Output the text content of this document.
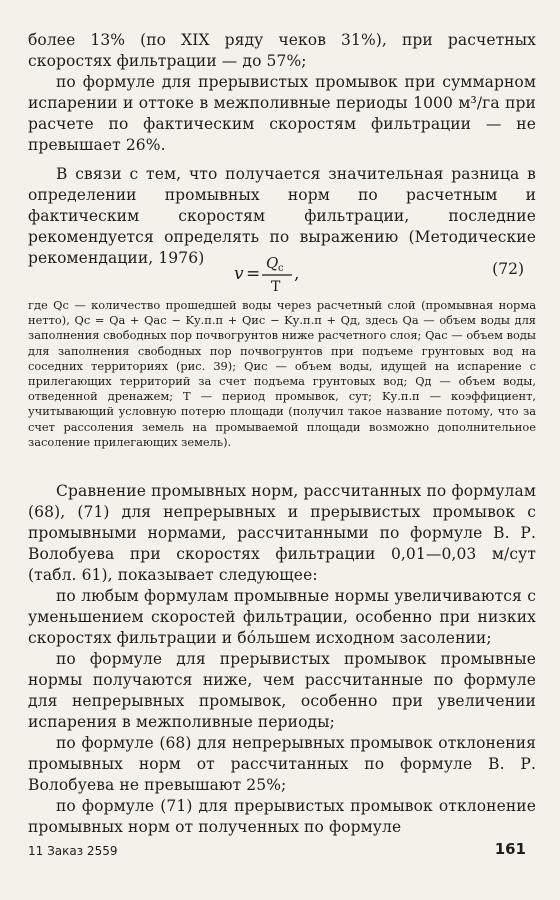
более 13% (по XIX ряду чеков 31%), при расчетных скоростях фильтрации — до 57%;

по формуле для прерывистых промывок при суммарном испарении и оттоке в межполивные периоды 1000 м³/га при расчете по фактическим скоростям фильтрации — не превышает 26%.

В связи с тем, что получается значительная разница в определении промывных норм по расчетным и фактическим скоростям фильтрации, последние рекомендуется определять по выражению (Методические рекомендации, 1976)

v =
Q c
T
,	(72)

где Qc — количество прошедшей воды через расчетный слой (промывная норма нетто), Qc = Qa + Qac − Kу.п.п + Qис − Kу.п.п + Qд, здесь Qa — объем воды для заполнения свободных пор почвогрунтов ниже расчетного слоя; Qac — объем воды для заполнения свободных пор почвогрунтов при подъеме грунтовых вод на соседних территориях (рис. 39); Qис — объем воды, идущей на испарение с прилегающих территорий за счет подъема грунтовых вод; Qд — объем воды, отведенной дренажем; T — период промывок, сут; Kу.п.п — коэффициент, учитывающий условную потерю площади (получил такое название потому, что за счет рассоления земель на промываемой площади возможно дополнительное засоление прилегающих земель).

Сравнение промывных норм, рассчитанных по формулам (68), (71) для непрерывных и прерывистых промывок с промывными нормами, рассчитанными по формуле В. Р. Волобуева при скоростях фильтрации 0,01—0,03 м/сут (табл. 61), показывает следующее:

по любым формулам промывные нормы увеличиваются с уменьшением скоростей фильтрации, особенно при низких скоростях фильтрации и бо́льшем исходном засолении;

по формуле для прерывистых промывок промывные нормы получаются ниже, чем рассчитанные по формуле для непрерывных промывок, особенно при увеличении испарения в межполивные периоды;

по формуле (68) для непрерывных промывок отклонения промывных норм от рассчитанных по формуле В. Р. Волобуева не превышают 25%;

по формуле (71) для прерывистых промывок отклонение промывных норм от полученных по формуле

11 Заказ 2559	161
